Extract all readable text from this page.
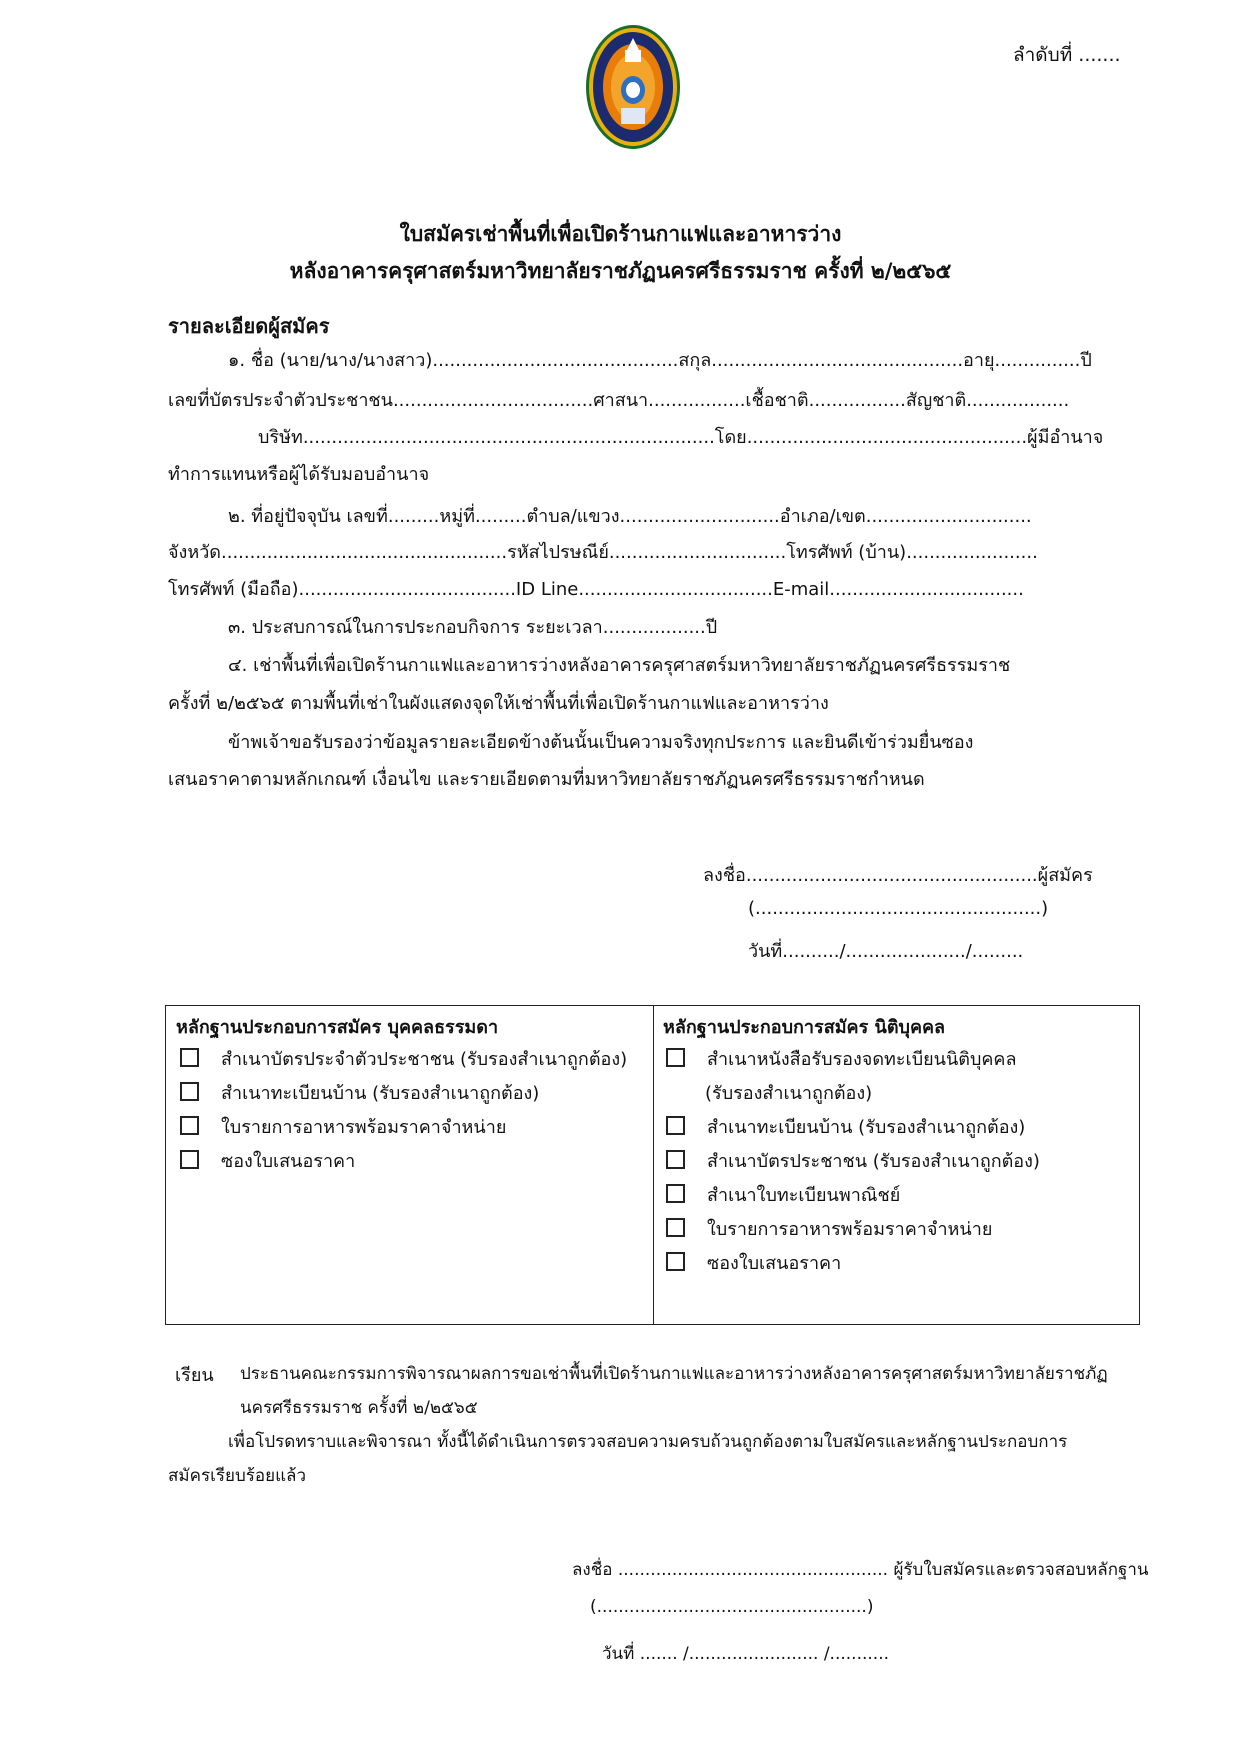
ลำดับที่ .......
ใบสมัครเช่าพื้นที่เพื่อเปิดร้านกาแฟและอาหารว่าง
หลังอาคารครุศาสตร์มหาวิทยาลัยราชภัฏนครศรีธรรมราช ครั้งที่ ๒/๒๕๖๕
รายละเอียดผู้สมัคร
๑. ชื่อ (นาย/นาง/นางสาว)...........................................สกุล............................................อายุ...............ปี
เลขที่บัตรประจำตัวประชาชน...................................ศาสนา.................เชื้อชาติ.................สัญชาติ..................
บริษัท........................................................................โดย.................................................ผู้มีอำนาจ
ทำการแทนหรือผู้ได้รับมอบอำนาจ
๒. ที่อยู่ปัจจุบัน เลขที่.........หมู่ที่.........ตำบล/แขวง............................อำเภอ/เขต.............................
จังหวัด..................................................รหัสไปรษณีย์...............................โทรศัพท์ (บ้าน).......................
โทรศัพท์ (มือถือ)......................................ID Line..................................E-mail..................................
๓. ประสบการณ์ในการประกอบกิจการ ระยะเวลา..................ปี
๔. เช่าพื้นที่เพื่อเปิดร้านกาแฟและอาหารว่างหลังอาคารครุศาสตร์มหาวิทยาลัยราชภัฏนครศรีธรรมราช
ครั้งที่ ๒/๒๕๖๕ ตามพื้นที่เช่าในผังแสดงจุดให้เช่าพื้นที่เพื่อเปิดร้านกาแฟและอาหารว่าง
ข้าพเจ้าขอรับรองว่าข้อมูลรายละเอียดข้างต้นนั้นเป็นความจริงทุกประการ และยินดีเข้าร่วมยื่นซอง
เสนอราคาตามหลักเกณฑ์ เงื่อนไข และรายเอียดตามที่มหาวิทยาลัยราชภัฏนครศรีธรรมราชกำหนด
ลงชื่อ...................................................ผู้สมัคร
(..................................................)
วันที่........../...................../.........
หลักฐานประกอบการสมัคร บุคคลธรรมดา
สำเนาบัตรประจำตัวประชาชน (รับรองสำเนาถูกต้อง)
สำเนาทะเบียนบ้าน (รับรองสำเนาถูกต้อง)
ใบรายการอาหารพร้อมราคาจำหน่าย
ซองใบเสนอราคา
หลักฐานประกอบการสมัคร นิติบุคคล
สำเนาหนังสือรับรองจดทะเบียนนิติบุคคล
(รับรองสำเนาถูกต้อง)
สำเนาทะเบียนบ้าน (รับรองสำเนาถูกต้อง)
สำเนาบัตรประชาชน (รับรองสำเนาถูกต้อง)
สำเนาใบทะเบียนพาณิชย์
ใบรายการอาหารพร้อมราคาจำหน่าย
ซองใบเสนอราคา
เรียน ประธานคณะกรรมการพิจารณาผลการขอเช่าพื้นที่เปิดร้านกาแฟและอาหารว่างหลังอาคารครุศาสตร์มหาวิทยาลัยราชภัฏ
นครศรีธรรมราช ครั้งที่ ๒/๒๕๖๕
เพื่อโปรดทราบและพิจารณา ทั้งนี้ได้ดำเนินการตรวจสอบความครบถ้วนถูกต้องตามใบสมัครและหลักฐานประกอบการ
สมัครเรียบร้อยแล้ว
ลงชื่อ .................................................. ผู้รับใบสมัครและตรวจสอบหลักฐาน
(..................................................)
วันที่ ....... /........................ /...........
